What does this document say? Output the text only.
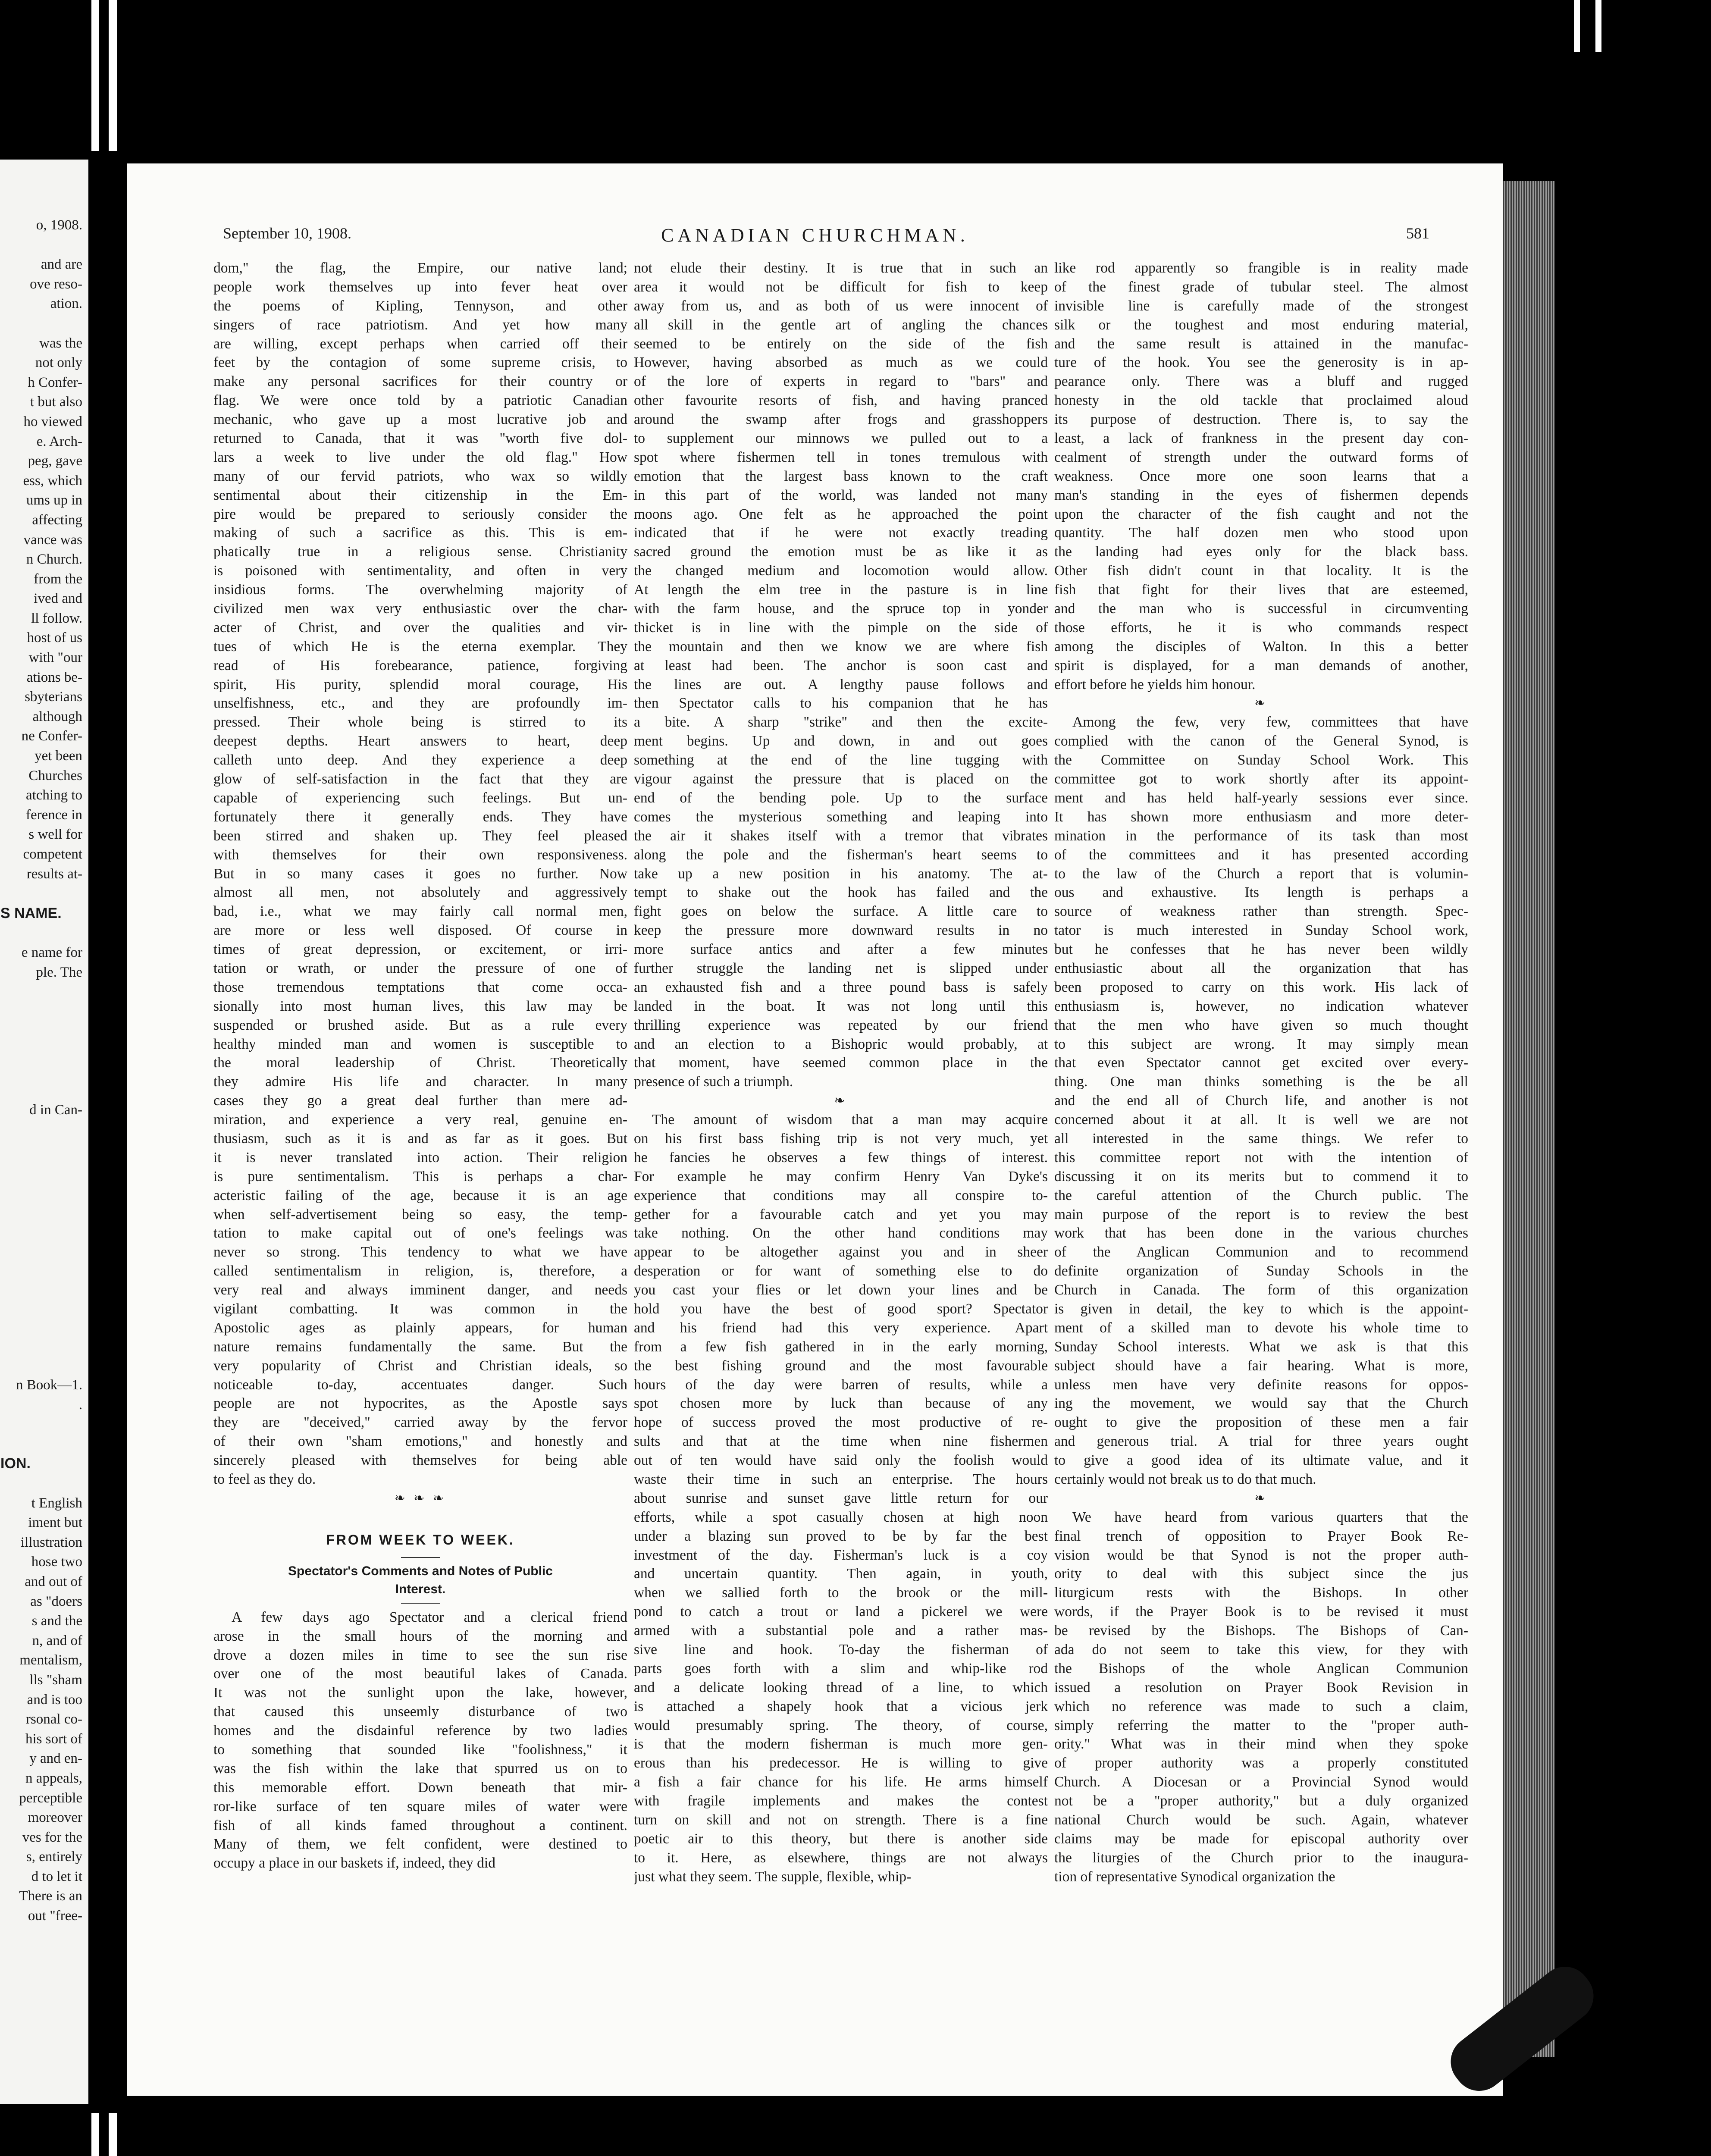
o, 1908.
and are
ove reso-
ation.
was the
not only
h Confer-
t but also
ho viewed
e. Arch-
peg, gave
ess, which
ums up in
affecting
vance was
n Church.
from the
ived and
ll follow.
host of us
with "our
ations be-
sbyterians
although
ne Confer-
yet been
Churches
atching to
ference in
s well for
competent
results at-
S NAME.
e name for
ple. The
d in Can-
n Book—1.
.
ION.
t English
iment but
illustration
hose two
and out of
as "doers
s and the
n, and of
mentalism,
lls "sham
and is too
rsonal co-
his sort of
y and en-
n appeals,
perceptible
moreover
ves for the
s, entirely
d to let it
There is an
out "free-
September 10, 1908.	CANADIAN CHURCHMAN.	581
dom," the flag, the Empire, our native land;
people work themselves up into fever heat over
the poems of Kipling, Tennyson, and other
singers of race patriotism. And yet how many
are willing, except perhaps when carried off their
feet by the contagion of some supreme crisis, to
make any personal sacrifices for their country or
flag. We were once told by a patriotic Canadian
mechanic, who gave up a most lucrative job and
returned to Canada, that it was "worth five dol-
lars a week to live under the old flag." How
many of our fervid patriots, who wax so wildly
sentimental about their citizenship in the Em-
pire would be prepared to seriously consider the
making of such a sacrifice as this. This is em-
phatically true in a religious sense. Christianity
is poisoned with sentimentality, and often in very
insidious forms. The overwhelming majority of
civilized men wax very enthusiastic over the char-
acter of Christ, and over the qualities and vir-
tues of which He is the eterna exemplar. They
read of His forebearance, patience, forgiving
spirit, His purity, splendid moral courage, His
unselfishness, etc., and they are profoundly im-
pressed. Their whole being is stirred to its
deepest depths. Heart answers to heart, deep
calleth unto deep. And they experience a deep
glow of self-satisfaction in the fact that they are
capable of experiencing such feelings. But un-
fortunately there it generally ends. They have
been stirred and shaken up. They feel pleased
with themselves for their own responsiveness.
But in so many cases it goes no further. Now
almost all men, not absolutely and aggressively
bad, i.e., what we may fairly call normal men,
are more or less well disposed. Of course in
times of great depression, or excitement, or irri-
tation or wrath, or under the pressure of one of
those tremendous temptations that come occa-
sionally into most human lives, this law may be
suspended or brushed aside. But as a rule every
healthy minded man and women is susceptible to
the moral leadership of Christ. Theoretically
they admire His life and character. In many
cases they go a great deal further than mere ad-
miration, and experience a very real, genuine en-
thusiasm, such as it is and as far as it goes. But
it is never translated into action. Their religion
is pure sentimentalism. This is perhaps a char-
acteristic failing of the age, because it is an age
when self-advertisement being so easy, the temp-
tation to make capital out of one's feelings was
never so strong. This tendency to what we have
called sentimentalism in religion, is, therefore, a
very real and always imminent danger, and needs
vigilant combatting. It was common in the
Apostolic ages as plainly appears, for human
nature remains fundamentally the same. But the
very popularity of Christ and Christian ideals, so
noticeable to-day, accentuates danger. Such
people are not hypocrites, as the Apostle says
they are "deceived," carried away by the fervor
of their own "sham emotions," and honestly and
sincerely pleased with themselves for being able
to feel as they do.
❧ ❧ ❧
FROM WEEK TO WEEK.
Spectator's Comments and Notes of Public
Interest.
A few days ago Spectator and a clerical friend
arose in the small hours of the morning and
drove a dozen miles in time to see the sun rise
over one of the most beautiful lakes of Canada.
It was not the sunlight upon the lake, however,
that caused this unseemly disturbance of two
homes and the disdainful reference by two ladies
to something that sounded like "foolishness," it
was the fish within the lake that spurred us on to
this memorable effort. Down beneath that mir-
ror-like surface of ten square miles of water were
fish of all kinds famed throughout a continent.
Many of them, we felt confident, were destined to
occupy a place in our baskets if, indeed, they did
not elude their destiny. It is true that in such an
area it would not be difficult for fish to keep
away from us, and as both of us were innocent of
all skill in the gentle art of angling the chances
seemed to be entirely on the side of the fish
However, having absorbed as much as we could
of the lore of experts in regard to "bars" and
other favourite resorts of fish, and having pranced
around the swamp after frogs and grasshoppers
to supplement our minnows we pulled out to a
spot where fishermen tell in tones tremulous with
emotion that the largest bass known to the craft
in this part of the world, was landed not many
moons ago. One felt as he approached the point
indicated that if he were not exactly treading
sacred ground the emotion must be as like it as
the changed medium and locomotion would allow.
At length the elm tree in the pasture is in line
with the farm house, and the spruce top in yonder
thicket is in line with the pimple on the side of
the mountain and then we know we are where fish
at least had been. The anchor is soon cast and
the lines are out. A lengthy pause follows and
then Spectator calls to his companion that he has
a bite. A sharp "strike" and then the excite-
ment begins. Up and down, in and out goes
something at the end of the line tugging with
vigour against the pressure that is placed on the
end of the bending pole. Up to the surface
comes the mysterious something and leaping into
the air it shakes itself with a tremor that vibrates
along the pole and the fisherman's heart seems to
take up a new position in his anatomy. The at-
tempt to shake out the hook has failed and the
fight goes on below the surface. A little care to
keep the pressure more downward results in no
more surface antics and after a few minutes
further struggle the landing net is slipped under
an exhausted fish and a three pound bass is safely
landed in the boat. It was not long until this
thrilling experience was repeated by our friend
and an election to a Bishopric would probably, at
that moment, have seemed common place in the
presence of such a triumph.
❧
The amount of wisdom that a man may acquire
on his first bass fishing trip is not very much, yet
he fancies he observes a few things of interest.
For example he may confirm Henry Van Dyke's
experience that conditions may all conspire to-
gether for a favourable catch and yet you may
take nothing. On the other hand conditions may
appear to be altogether against you and in sheer
desperation or for want of something else to do
you cast your flies or let down your lines and be
hold you have the best of good sport? Spectator
and his friend had this very experience. Apart
from a few fish gathered in in the early morning,
the best fishing ground and the most favourable
hours of the day were barren of results, while a
spot chosen more by luck than because of any
hope of success proved the most productive of re-
sults and that at the time when nine fishermen
out of ten would have said only the foolish would
waste their time in such an enterprise. The hours
about sunrise and sunset gave little return for our
efforts, while a spot casually chosen at high noon
under a blazing sun proved to be by far the best
investment of the day. Fisherman's luck is a coy
and uncertain quantity. Then again, in youth,
when we sallied forth to the brook or the mill-
pond to catch a trout or land a pickerel we were
armed with a substantial pole and a rather mas-
sive line and hook. To-day the fisherman of
parts goes forth with a slim and whip-like rod
and a delicate looking thread of a line, to which
is attached a shapely hook that a vicious jerk
would presumably spring. The theory, of course,
is that the modern fisherman is much more gen-
erous than his predecessor. He is willing to give
a fish a fair chance for his life. He arms himself
with fragile implements and makes the contest
turn on skill and not on strength. There is a fine
poetic air to this theory, but there is another side
to it. Here, as elsewhere, things are not always
just what they seem. The supple, flexible, whip-
like rod apparently so frangible is in reality made
of the finest grade of tubular steel. The almost
invisible line is carefully made of the strongest
silk or the toughest and most enduring material,
and the same result is attained in the manufac-
ture of the hook. You see the generosity is in ap-
pearance only. There was a bluff and rugged
honesty in the old tackle that proclaimed aloud
its purpose of destruction. There is, to say the
least, a lack of frankness in the present day con-
cealment of strength under the outward forms of
weakness. Once more one soon learns that a
man's standing in the eyes of fishermen depends
upon the character of the fish caught and not the
quantity. The half dozen men who stood upon
the landing had eyes only for the black bass.
Other fish didn't count in that locality. It is the
fish that fight for their lives that are esteemed,
and the man who is successful in circumventing
those efforts, he it is who commands respect
among the disciples of Walton. In this a better
spirit is displayed, for a man demands of another,
effort before he yields him honour.
❧
Among the few, very few, committees that have
complied with the canon of the General Synod, is
the Committee on Sunday School Work. This
committee got to work shortly after its appoint-
ment and has held half-yearly sessions ever since.
It has shown more enthusiasm and more deter-
mination in the performance of its task than most
of the committees and it has presented according
to the law of the Church a report that is volumin-
ous and exhaustive. Its length is perhaps a
source of weakness rather than strength. Spec-
tator is much interested in Sunday School work,
but he confesses that he has never been wildly
enthusiastic about all the organization that has
been proposed to carry on this work. His lack of
enthusiasm is, however, no indication whatever
that the men who have given so much thought
to this subject are wrong. It may simply mean
that even Spectator cannot get excited over every-
thing. One man thinks something is the be all
and the end all of Church life, and another is not
concerned about it at all. It is well we are not
all interested in the same things. We refer to
this committee report not with the intention of
discussing it on its merits but to commend it to
the careful attention of the Church public. The
main purpose of the report is to review the best
work that has been done in the various churches
of the Anglican Communion and to recommend
definite organization of Sunday Schools in the
Church in Canada. The form of this organization
is given in detail, the key to which is the appoint-
ment of a skilled man to devote his whole time to
Sunday School interests. What we ask is that this
subject should have a fair hearing. What is more,
unless men have very definite reasons for oppos-
ing the movement, we would say that the Church
ought to give the proposition of these men a fair
and generous trial. A trial for three years ought
to give a good idea of its ultimate value, and it
certainly would not break us to do that much.
❧
We have heard from various quarters that the
final trench of opposition to Prayer Book Re-
vision would be that Synod is not the proper auth-
ority to deal with this subject since the jus
liturgicum rests with the Bishops. In other
words, if the Prayer Book is to be revised it must
be revised by the Bishops. The Bishops of Can-
ada do not seem to take this view, for they with
the Bishops of the whole Anglican Communion
issued a resolution on Prayer Book Revision in
which no reference was made to such a claim,
simply referring the matter to the "proper auth-
ority." What was in their mind when they spoke
of proper authority was a properly constituted
Church. A Diocesan or a Provincial Synod would
not be a "proper authority," but a duly organized
national Church would be such. Again, whatever
claims may be made for episcopal authority over
the liturgies of the Church prior to the inaugura-
tion of representative Synodical organization the
